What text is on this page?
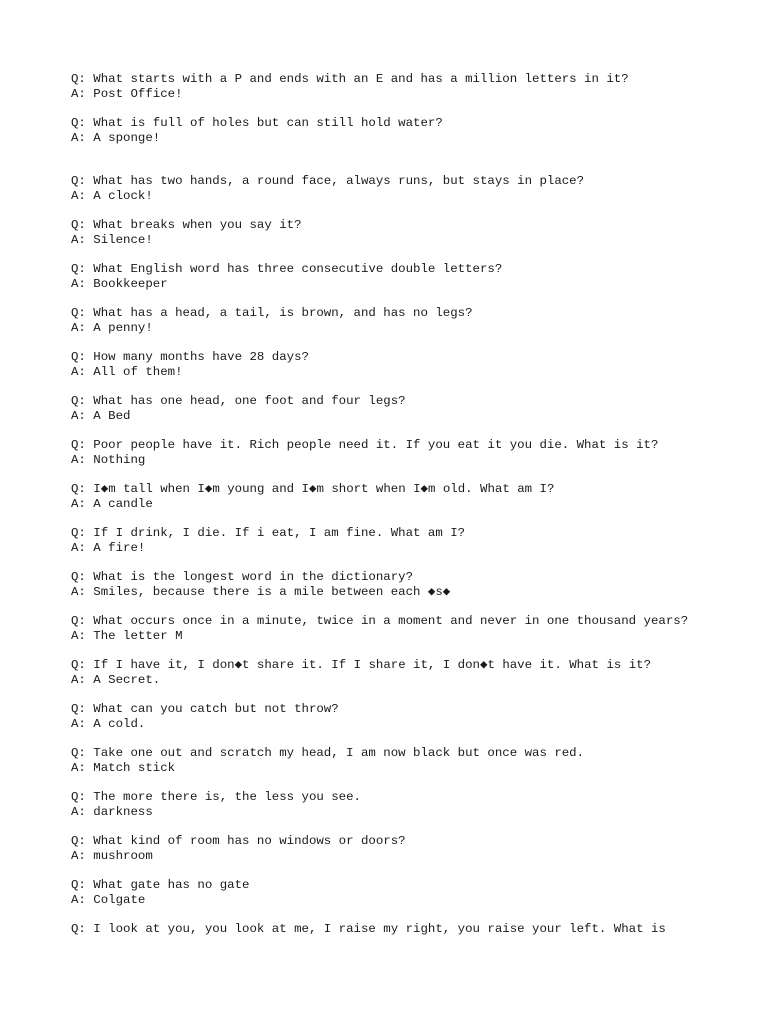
Q: What starts with a P and ends with an E and has a million letters in it?
A: Post Office!
Q: What is full of holes but can still hold water?
A: A sponge!
Q: What has two hands, a round face, always runs, but stays in place?
A: A clock!
Q: What breaks when you say it?
A: Silence!
Q: What English word has three consecutive double letters?
A: Bookkeeper
Q: What has a head, a tail, is brown, and has no legs?
A: A penny!
Q: How many months have 28 days?
A: All of them!
Q: What has one head, one foot and four legs?
A: A Bed
Q: Poor people have it. Rich people need it. If you eat it you die. What is it?
A: Nothing
Q: I◆m tall when I◆m young and I◆m short when I◆m old. What am I?
A: A candle
Q: If I drink, I die. If i eat, I am fine. What am I?
A: A fire!
Q: What is the longest word in the dictionary?
A: Smiles, because there is a mile between each ◆s◆
Q: What occurs once in a minute, twice in a moment and never in one thousand years?
A: The letter M
Q: If I have it, I don◆t share it. If I share it, I don◆t have it. What is it?
A: A Secret.
Q: What can you catch but not throw?
A: A cold.
Q: Take one out and scratch my head, I am now black but once was red.
A: Match stick
Q: The more there is, the less you see.
A: darkness
Q: What kind of room has no windows or doors?
A: mushroom
Q: What gate has no gate
A: Colgate
Q: I look at you, you look at me, I raise my right, you raise your left. What is
